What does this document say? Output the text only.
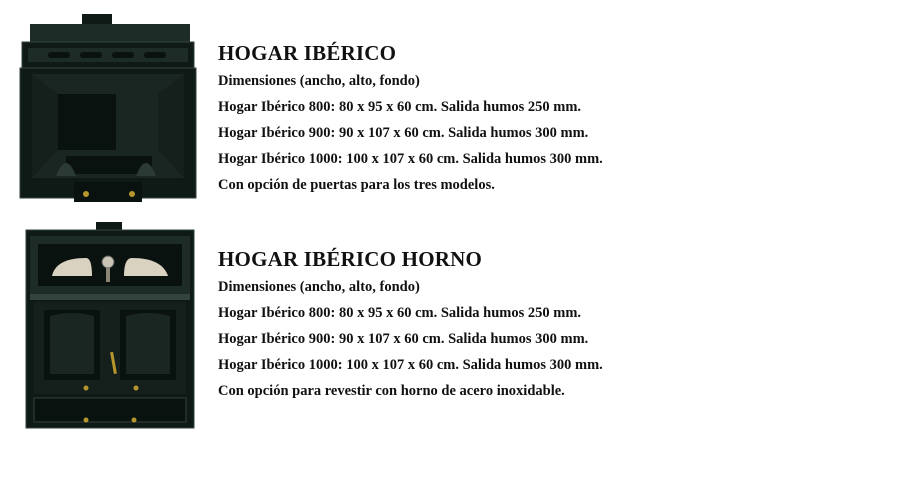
HOGAR IBÉRICO
Dimensiones (ancho, alto, fondo)
Hogar Ibérico 800: 80 x 95 x 60 cm. Salida humos 250 mm.
Hogar Ibérico 900: 90 x 107 x 60 cm. Salida humos 300 mm.
Hogar Ibérico 1000: 100 x 107 x 60 cm. Salida humos 300 mm.
Con opción de puertas para los tres modelos.
HOGAR IBÉRICO HORNO
Dimensiones (ancho, alto, fondo)
Hogar Ibérico 800: 80 x 95 x 60 cm. Salida humos 250 mm.
Hogar Ibérico 900: 90 x 107 x 60 cm. Salida humos 300 mm.
Hogar Ibérico 1000: 100 x 107 x 60 cm. Salida humos 300 mm.
Con opción para revestir con horno de acero inoxidable.
